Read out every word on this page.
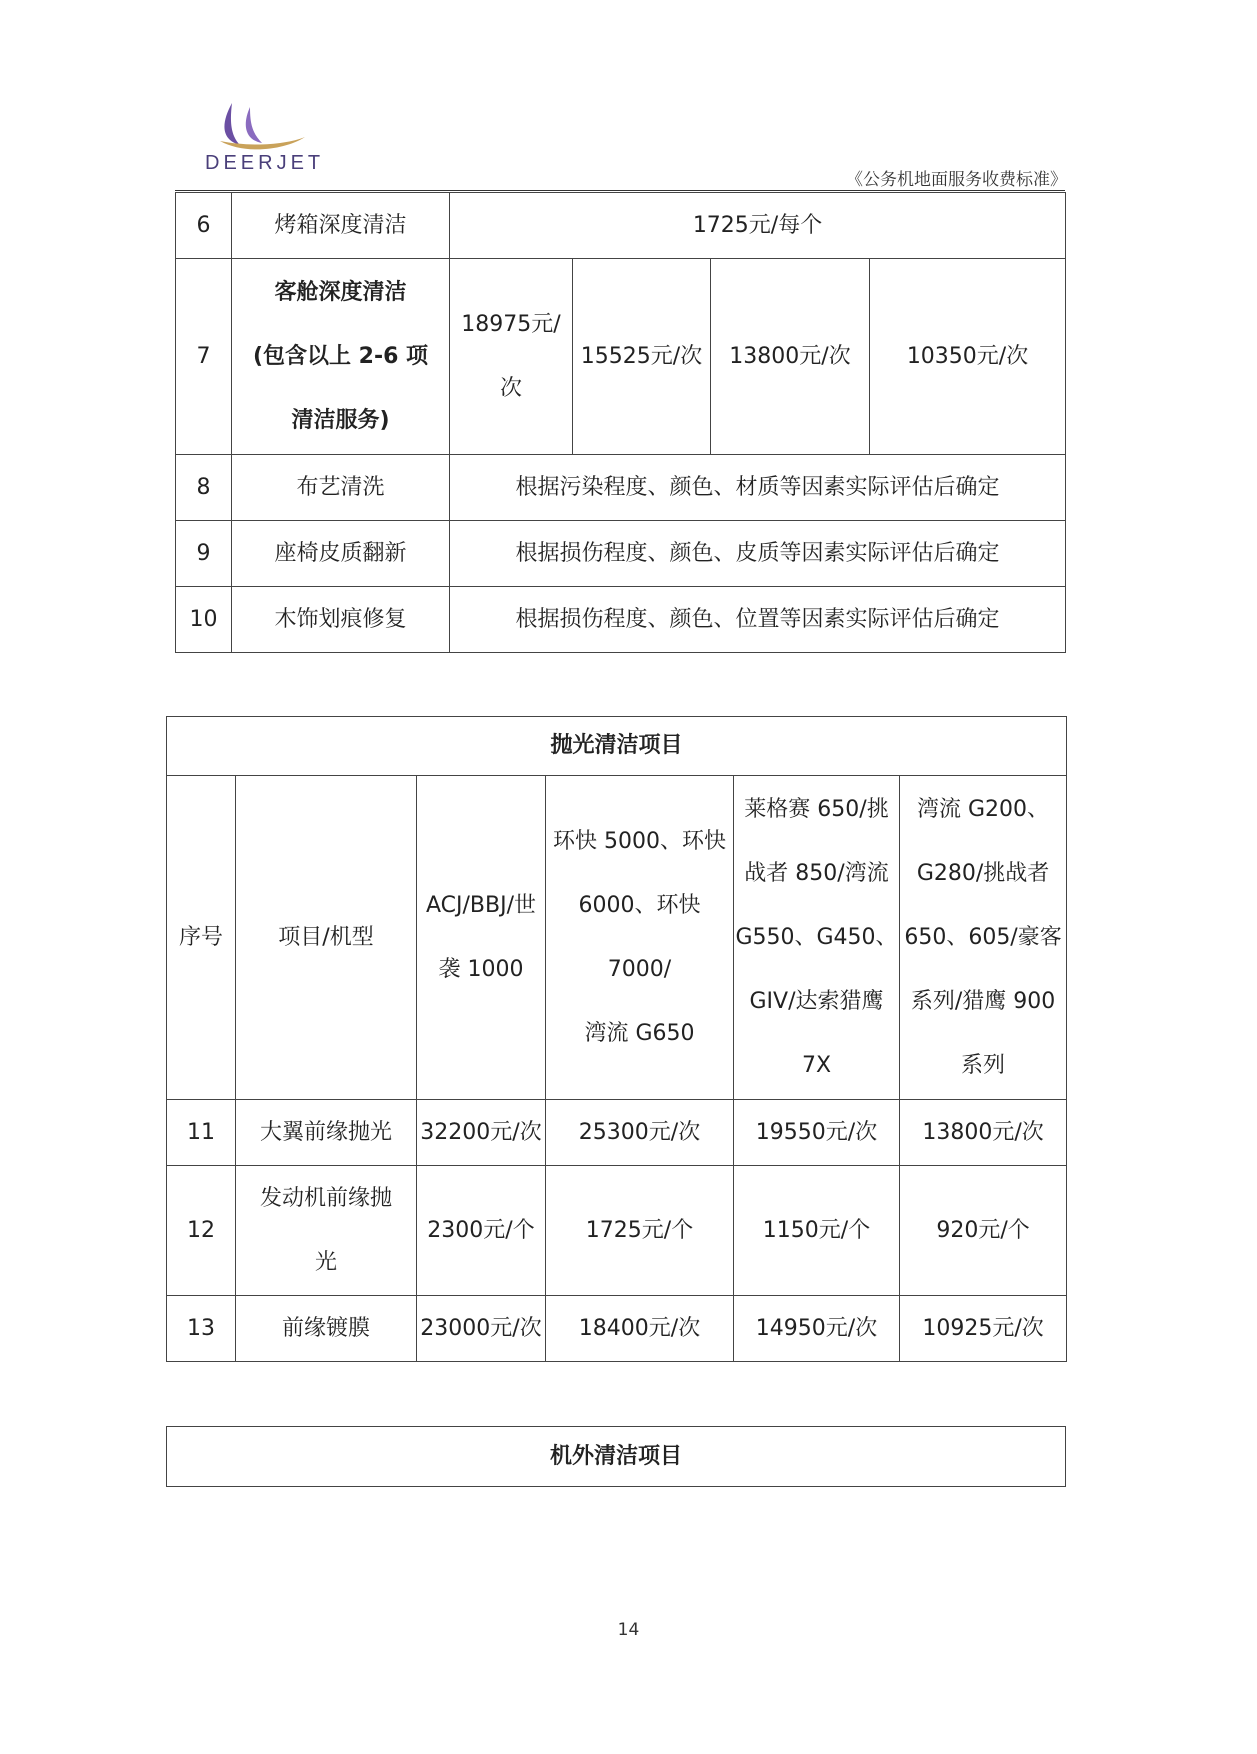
DEERJET
《公务机地面服务收费标准》
6	烤箱深度清洁	1725元/每个			
7	客舱深度清洁
(包含以上 2-6 项
清洁服务)	18975元/次	15525元/次	13800元/次	10350元/次
8	布艺清洗	根据污染程度、颜色、材质等因素实际评估后确定			
9	座椅皮质翻新	根据损伤程度、颜色、皮质等因素实际评估后确定			
10	木饰划痕修复	根据损伤程度、颜色、位置等因素实际评估后确定			
抛光清洁项目					
序号	项目/机型	ACJ/BBJ/世
袭 1000	环快 5000、环快
6000、环快 7000/
湾流 G650	莱格赛 650/挑
战者 850/湾流
G550、G450、
GIV/达索猎鹰
7X	湾流 G200、
G280/挑战者
650、605/豪客
系列/猎鹰 900
系列

11	大翼前缘抛光	32200元/次	25300元/次	19550元/次	13800元/次
12	发动机前缘抛
光	2300元/个	1725元/个	1150元/个	920元/个
13	前缘镀膜	23000元/次	18400元/次	14950元/次	10925元/次
机外清洁项目
14
